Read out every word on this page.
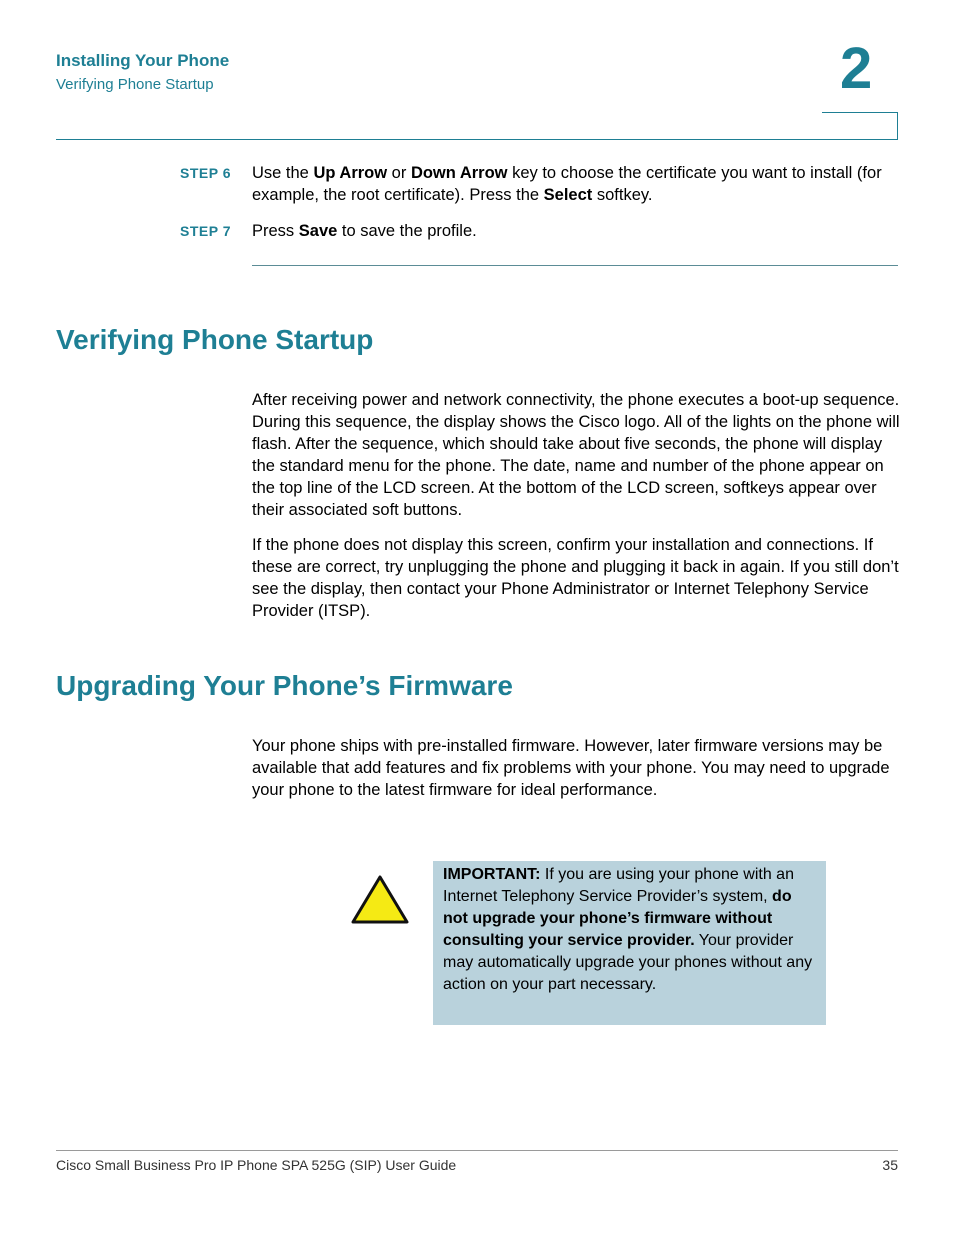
Installing Your Phone
Verifying Phone Startup	2
STEP 6 Use the Up Arrow or Down Arrow key to choose the certificate you want to install (for example, the root certificate). Press the Select softkey.
STEP 7 Press Save to save the profile.
Verifying Phone Startup
After receiving power and network connectivity, the phone executes a boot-up sequence. During this sequence, the display shows the Cisco logo. All of the lights on the phone will flash. After the sequence, which should take about five seconds, the phone will display the standard menu for the phone. The date, name and number of the phone appear on the top line of the LCD screen. At the bottom of the LCD screen, softkeys appear over their associated soft buttons.
If the phone does not display this screen, confirm your installation and connections. If these are correct, try unplugging the phone and plugging it back in again. If you still don’t see the display, then contact your Phone Administrator or Internet Telephony Service Provider (ITSP).
Upgrading Your Phone’s Firmware
Your phone ships with pre-installed firmware. However, later firmware versions may be available that add features and fix problems with your phone. You may need to upgrade your phone to the latest firmware for ideal performance.
IMPORTANT: If you are using your phone with an Internet Telephony Service Provider’s system, do not upgrade your phone’s firmware without consulting your service provider. Your provider may automatically upgrade your phones without any action on your part necessary.
Cisco Small Business Pro IP Phone SPA 525G (SIP) User Guide	35
